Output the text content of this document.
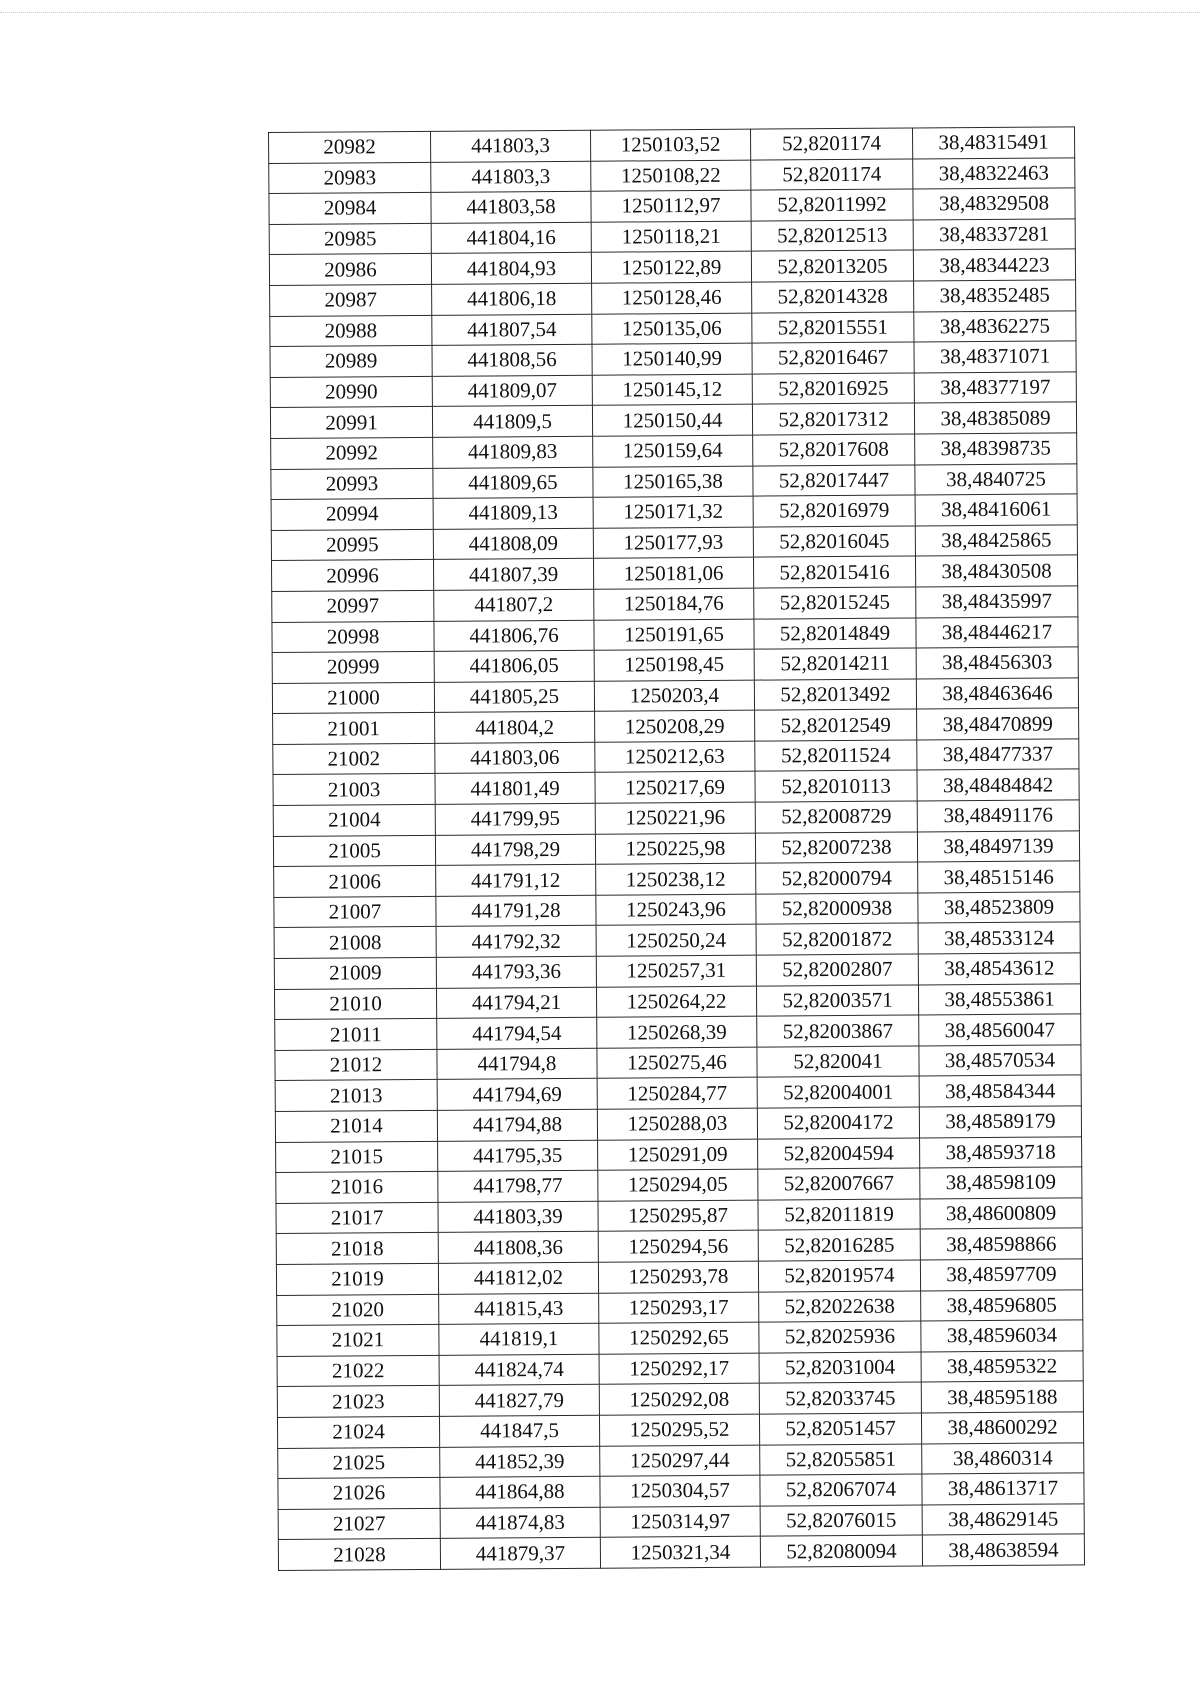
20982	441803,3	1250103,52	52,8201174	38,48315491
20983	441803,3	1250108,22	52,8201174	38,48322463
20984	441803,58	1250112,97	52,82011992	38,48329508
20985	441804,16	1250118,21	52,82012513	38,48337281
20986	441804,93	1250122,89	52,82013205	38,48344223
20987	441806,18	1250128,46	52,82014328	38,48352485
20988	441807,54	1250135,06	52,82015551	38,48362275
20989	441808,56	1250140,99	52,82016467	38,48371071
20990	441809,07	1250145,12	52,82016925	38,48377197
20991	441809,5	1250150,44	52,82017312	38,48385089
20992	441809,83	1250159,64	52,82017608	38,48398735
20993	441809,65	1250165,38	52,82017447	38,4840725
20994	441809,13	1250171,32	52,82016979	38,48416061
20995	441808,09	1250177,93	52,82016045	38,48425865
20996	441807,39	1250181,06	52,82015416	38,48430508
20997	441807,2	1250184,76	52,82015245	38,48435997
20998	441806,76	1250191,65	52,82014849	38,48446217
20999	441806,05	1250198,45	52,82014211	38,48456303
21000	441805,25	1250203,4	52,82013492	38,48463646
21001	441804,2	1250208,29	52,82012549	38,48470899
21002	441803,06	1250212,63	52,82011524	38,48477337
21003	441801,49	1250217,69	52,82010113	38,48484842
21004	441799,95	1250221,96	52,82008729	38,48491176
21005	441798,29	1250225,98	52,82007238	38,48497139
21006	441791,12	1250238,12	52,82000794	38,48515146
21007	441791,28	1250243,96	52,82000938	38,48523809
21008	441792,32	1250250,24	52,82001872	38,48533124
21009	441793,36	1250257,31	52,82002807	38,48543612
21010	441794,21	1250264,22	52,82003571	38,48553861
21011	441794,54	1250268,39	52,82003867	38,48560047
21012	441794,8	1250275,46	52,820041	38,48570534
21013	441794,69	1250284,77	52,82004001	38,48584344
21014	441794,88	1250288,03	52,82004172	38,48589179
21015	441795,35	1250291,09	52,82004594	38,48593718
21016	441798,77	1250294,05	52,82007667	38,48598109
21017	441803,39	1250295,87	52,82011819	38,48600809
21018	441808,36	1250294,56	52,82016285	38,48598866
21019	441812,02	1250293,78	52,82019574	38,48597709
21020	441815,43	1250293,17	52,82022638	38,48596805
21021	441819,1	1250292,65	52,82025936	38,48596034
21022	441824,74	1250292,17	52,82031004	38,48595322
21023	441827,79	1250292,08	52,82033745	38,48595188
21024	441847,5	1250295,52	52,82051457	38,48600292
21025	441852,39	1250297,44	52,82055851	38,4860314
21026	441864,88	1250304,57	52,82067074	38,48613717
21027	441874,83	1250314,97	52,82076015	38,48629145
21028	441879,37	1250321,34	52,82080094	38,48638594
